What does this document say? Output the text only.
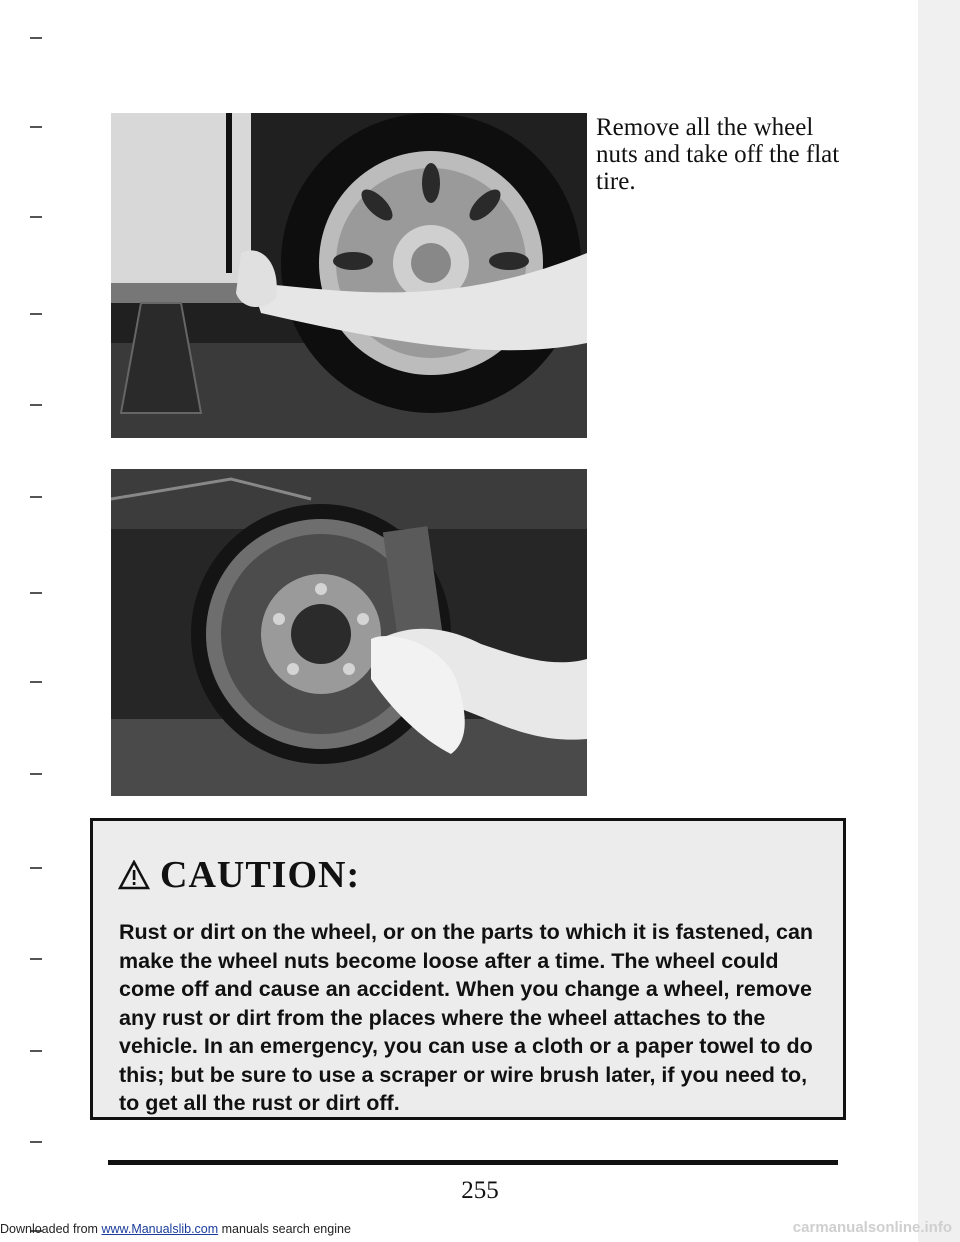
Remove all the wheel nuts and take off the flat tire.
CAUTION:
Rust or dirt on the wheel, or on the parts to which it is fastened, can make the wheel nuts become loose after a time. The wheel could come off and cause an accident. When you change a wheel, remove any rust or dirt from the places where the wheel attaches to the vehicle. In an emergency, you can use a cloth or a paper towel to do this; but be sure to use a scraper or wire brush later, if you need to, to get all the rust or dirt off.
255
Downloaded from www.Manualslib.com manuals search engine	carmanualsonline.info
